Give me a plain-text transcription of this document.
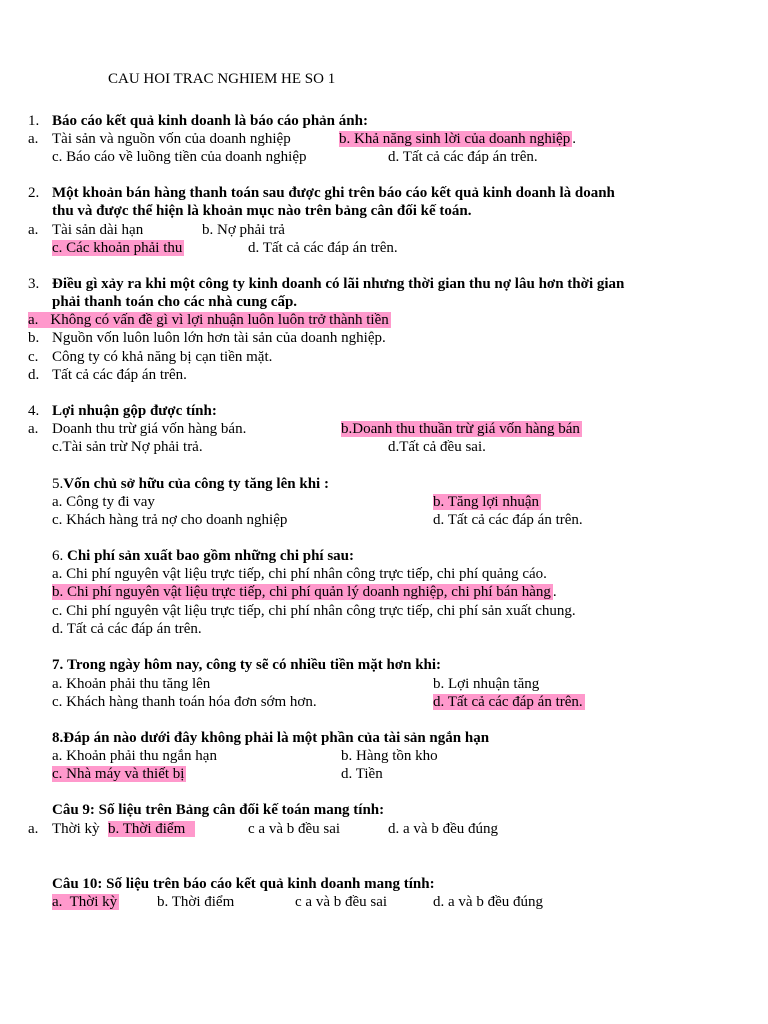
CAU HOI TRAC NGHIEM HE SO 1
1. Báo cáo kết quả kinh doanh là báo cáo phản ánh:
a. Tài sản và nguồn vốn của doanh nghiệp	b. Khả năng sinh lời của doanh nghiệp .
c. Báo cáo về luồng tiền của doanh nghiệp	d. Tất cả các đáp án trên.
2. Một khoản bán hàng thanh toán sau được ghi trên báo cáo kết quả kinh doanh là doanh
thu và được thể hiện là khoản mục nào trên bảng cân đối kế toán.
a. Tài sản dài hạn	b. Nợ phải trả
c. Các khoản phải thu	d. Tất cả các đáp án trên.
3. Điều gì xảy ra khi một công ty kinh doanh có lãi nhưng thời gian thu nợ lâu hơn thời gian
phải thanh toán cho các nhà cung cấp.
a. Không có vấn đề gì vì lợi nhuận luôn luôn trở thành tiền
b. Nguồn vốn luôn luôn lớn hơn tài sản của doanh nghiệp.
c. Công ty có khả năng bị cạn tiền mặt.
d. Tất cả các đáp án trên.
4. Lợi nhuận gộp được tính:
a. Doanh thu trừ giá vốn hàng bán.	b.Doanh thu thuần trừ giá vốn hàng bán
c.Tài sản trừ Nợ phải trả.	d.Tất cả đều sai.
5.Vốn chủ sở hữu của công ty tăng lên khi :
a. Công ty đi vay	b. Tăng lợi nhuận
c. Khách hàng trả nợ cho doanh nghiệp	d. Tất cả các đáp án trên.
6. Chi phí sản xuất bao gồm những chi phí sau:
a. Chi phí nguyên vật liệu trực tiếp, chi phí nhân công trực tiếp, chi phí quảng cáo.
b. Chi phí nguyên vật liệu trực tiếp, chi phí quản lý doanh nghiệp, chi phí bán hàng .
c. Chi phí nguyên vật liệu trực tiếp, chi phí nhân công trực tiếp, chi phí sản xuất chung.
d. Tất cả các đáp án trên.
7. Trong ngày hôm nay, công ty sẽ có nhiều tiền mặt hơn khi:
a. Khoản phải thu tăng lên	b. Lợi nhuận tăng
c. Khách hàng thanh toán hóa đơn sớm hơn.	d. Tất cả các đáp án trên.
8.Đáp án nào dưới đây không phải là một phần của tài sản ngắn hạn
a. Khoản phải thu ngắn hạn	b. Hàng tồn kho
c. Nhà máy và thiết bị	d. Tiền
Câu 9: Số liệu trên Bảng cân đối kế toán mang tính:
a. Thời kỳ b. Thời điểm	c a và b đều sai	d. a và b đều đúng
Câu 10: Số liệu trên báo cáo kết quả kinh doanh mang tính:
a.  Thời kỳ	b. Thời điểm	c a và b đều sai	d. a và b đều đúng
